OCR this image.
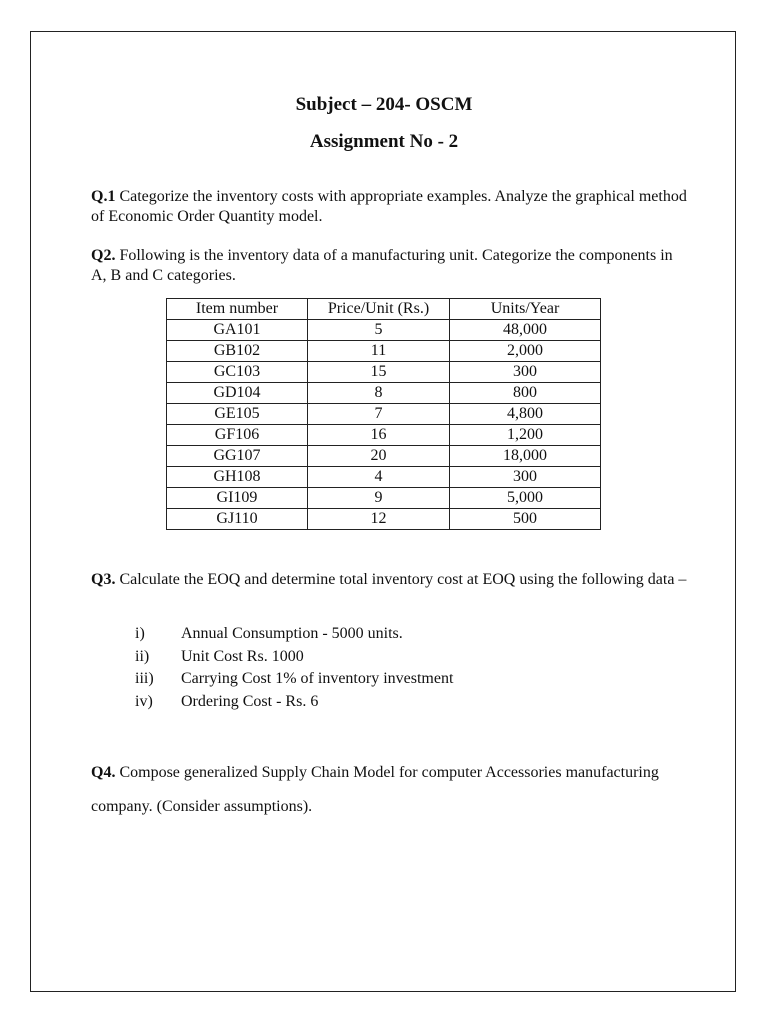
Subject – 204- OSCM
Assignment No - 2
Q.1 Categorize the inventory costs with appropriate examples. Analyze the graphical method of Economic Order Quantity model.
Q2. Following is the inventory data of a manufacturing unit. Categorize the components in A, B and C categories.
Item number	Price/Unit (Rs.)	Units/Year
GA101	5	48,000
GB102	11	2,000
GC103	15	300
GD104	8	800
GE105	7	4,800
GF106	16	1,200
GG107	20	18,000
GH108	4	300
GI109	9	5,000
GJ110	12	500
Q3. Calculate the EOQ and determine total inventory cost at EOQ using the following data –
i)	Annual Consumption - 5000 units.
ii)	Unit Cost Rs. 1000
iii)	Carrying Cost 1% of inventory investment
iv)	Ordering Cost - Rs. 6
Q4. Compose generalized Supply Chain Model for computer Accessories manufacturing company. (Consider assumptions).
